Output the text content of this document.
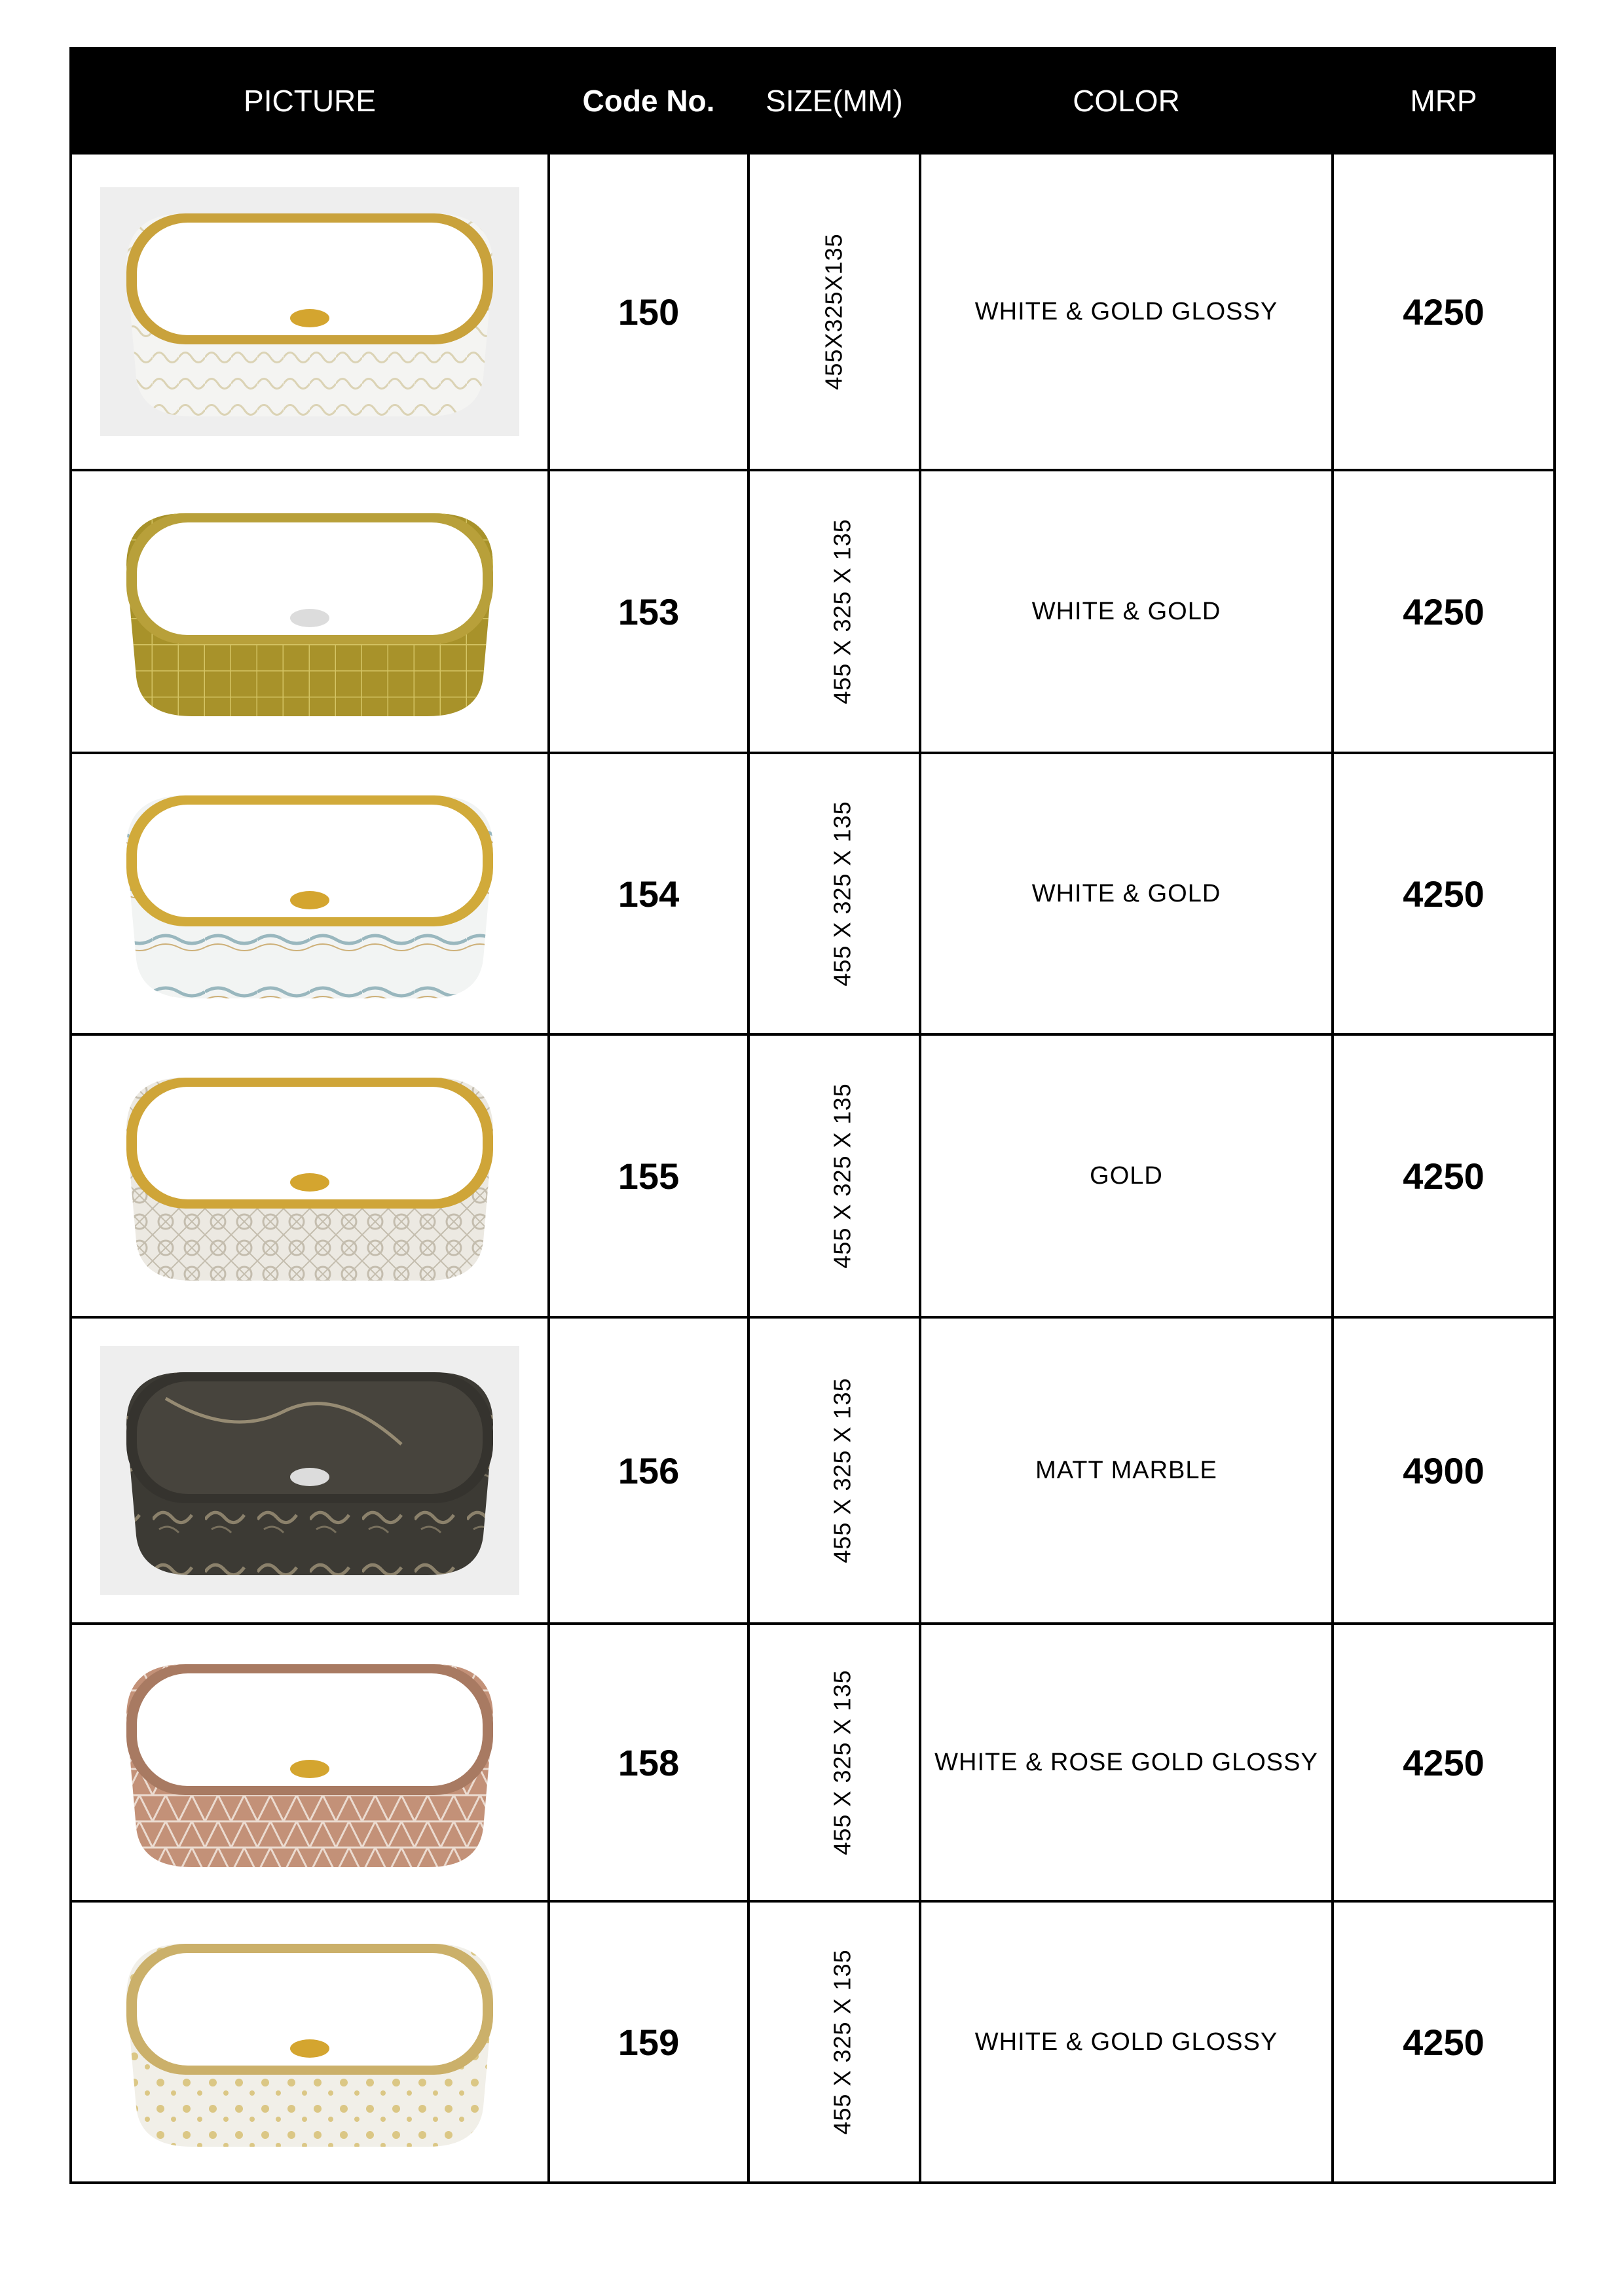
PICTURE	Code No.	SIZE(MM)	COLOR	MRP

	150	455X325X135	WHITE & GOLD GLOSSY	4250

	153	455 X 325 X 135	WHITE & GOLD	4250

	154	455 X 325 X 135	WHITE & GOLD	4250

	155	455 X 325 X 135	GOLD	4250

	156	455 X 325 X 135	MATT MARBLE	4900

	158	455 X 325 X 135	WHITE & ROSE GOLD GLOSSY	4250

	159	455 X 325 X 135	WHITE & GOLD GLOSSY	4250
